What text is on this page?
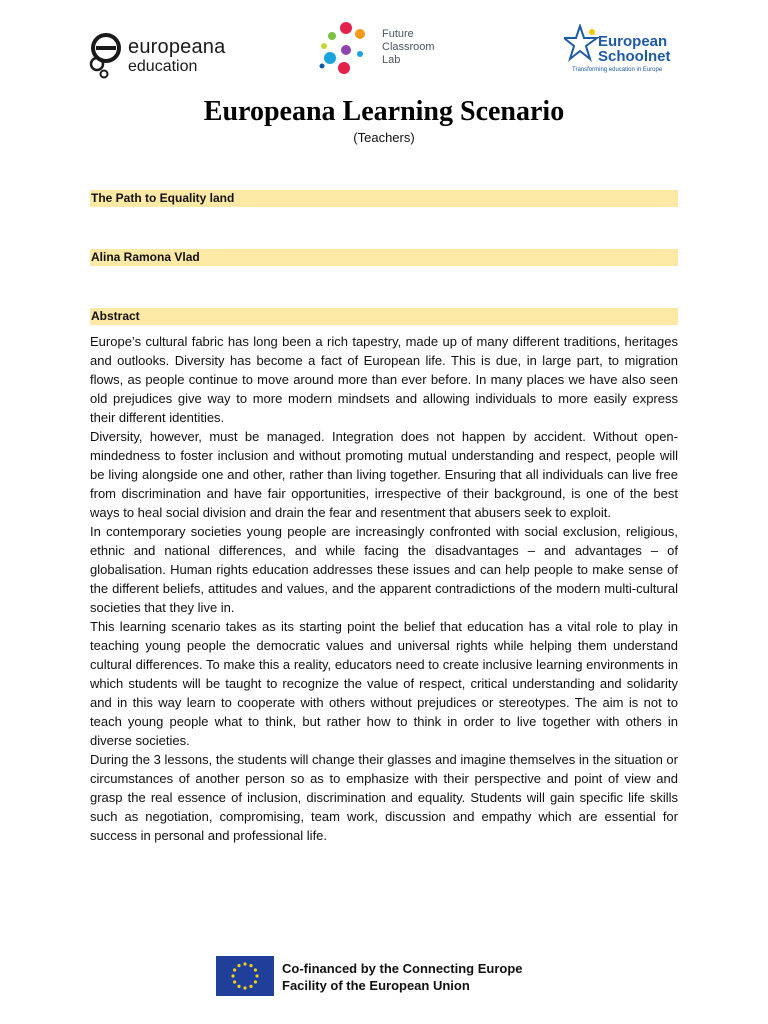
europeana
education
Future
Classroom
Lab
European
Schoolnet
Transforming education in Europe
Europeana Learning Scenario
(Teachers)
The Path to Equality land
Alina Ramona Vlad
Abstract

Europe’s cultural fabric has long been a rich tapestry, made up of many different traditions, heritages and outlooks. Diversity has become a fact of European life. This is due, in large part, to migration flows, as people continue to move around more than ever before. In many places we have also seen old prejudices give way to more modern mindsets and allowing individuals to more easily express their different identities.

Diversity, however, must be managed. Integration does not happen by accident. Without open-mindedness to foster inclusion and without promoting mutual understanding and respect, people will be living alongside one and other, rather than living together. Ensuring that all individuals can live free from discrimination and have fair opportunities, irrespective of their background, is one of the best ways to heal social division and drain the fear and resentment that abusers seek to exploit.

In contemporary societies young people are increasingly confronted with social exclusion, religious, ethnic and national differences, and while facing the disadvantages – and advantages – of globalisation. Human rights education addresses these issues and can help people to make sense of the different beliefs, attitudes and values, and the apparent contradictions of the modern multi-cultural societies that they live in.

This learning scenario takes as its starting point the belief that education has a vital role to play in teaching young people the democratic values and universal rights while helping them understand cultural differences. To make this a reality, educators need to create inclusive learning environments in which students will be taught to recognize the value of respect, critical understanding and solidarity and in this way learn to cooperate with others without prejudices or stereotypes. The aim is not to teach young people what to think, but rather how to think in order to live together with others in diverse societies.

During the 3 lessons, the students will change their glasses and imagine themselves in the situation or circumstances of another person so as to emphasize with their perspective and point of view and grasp the real essence of inclusion, discrimination and equality. Students will gain specific life skills such as negotiation, compromising, team work, discussion and empathy which are essential for success in personal and professional life.

Co-financed by the Connecting Europe
Facility of the European Union
